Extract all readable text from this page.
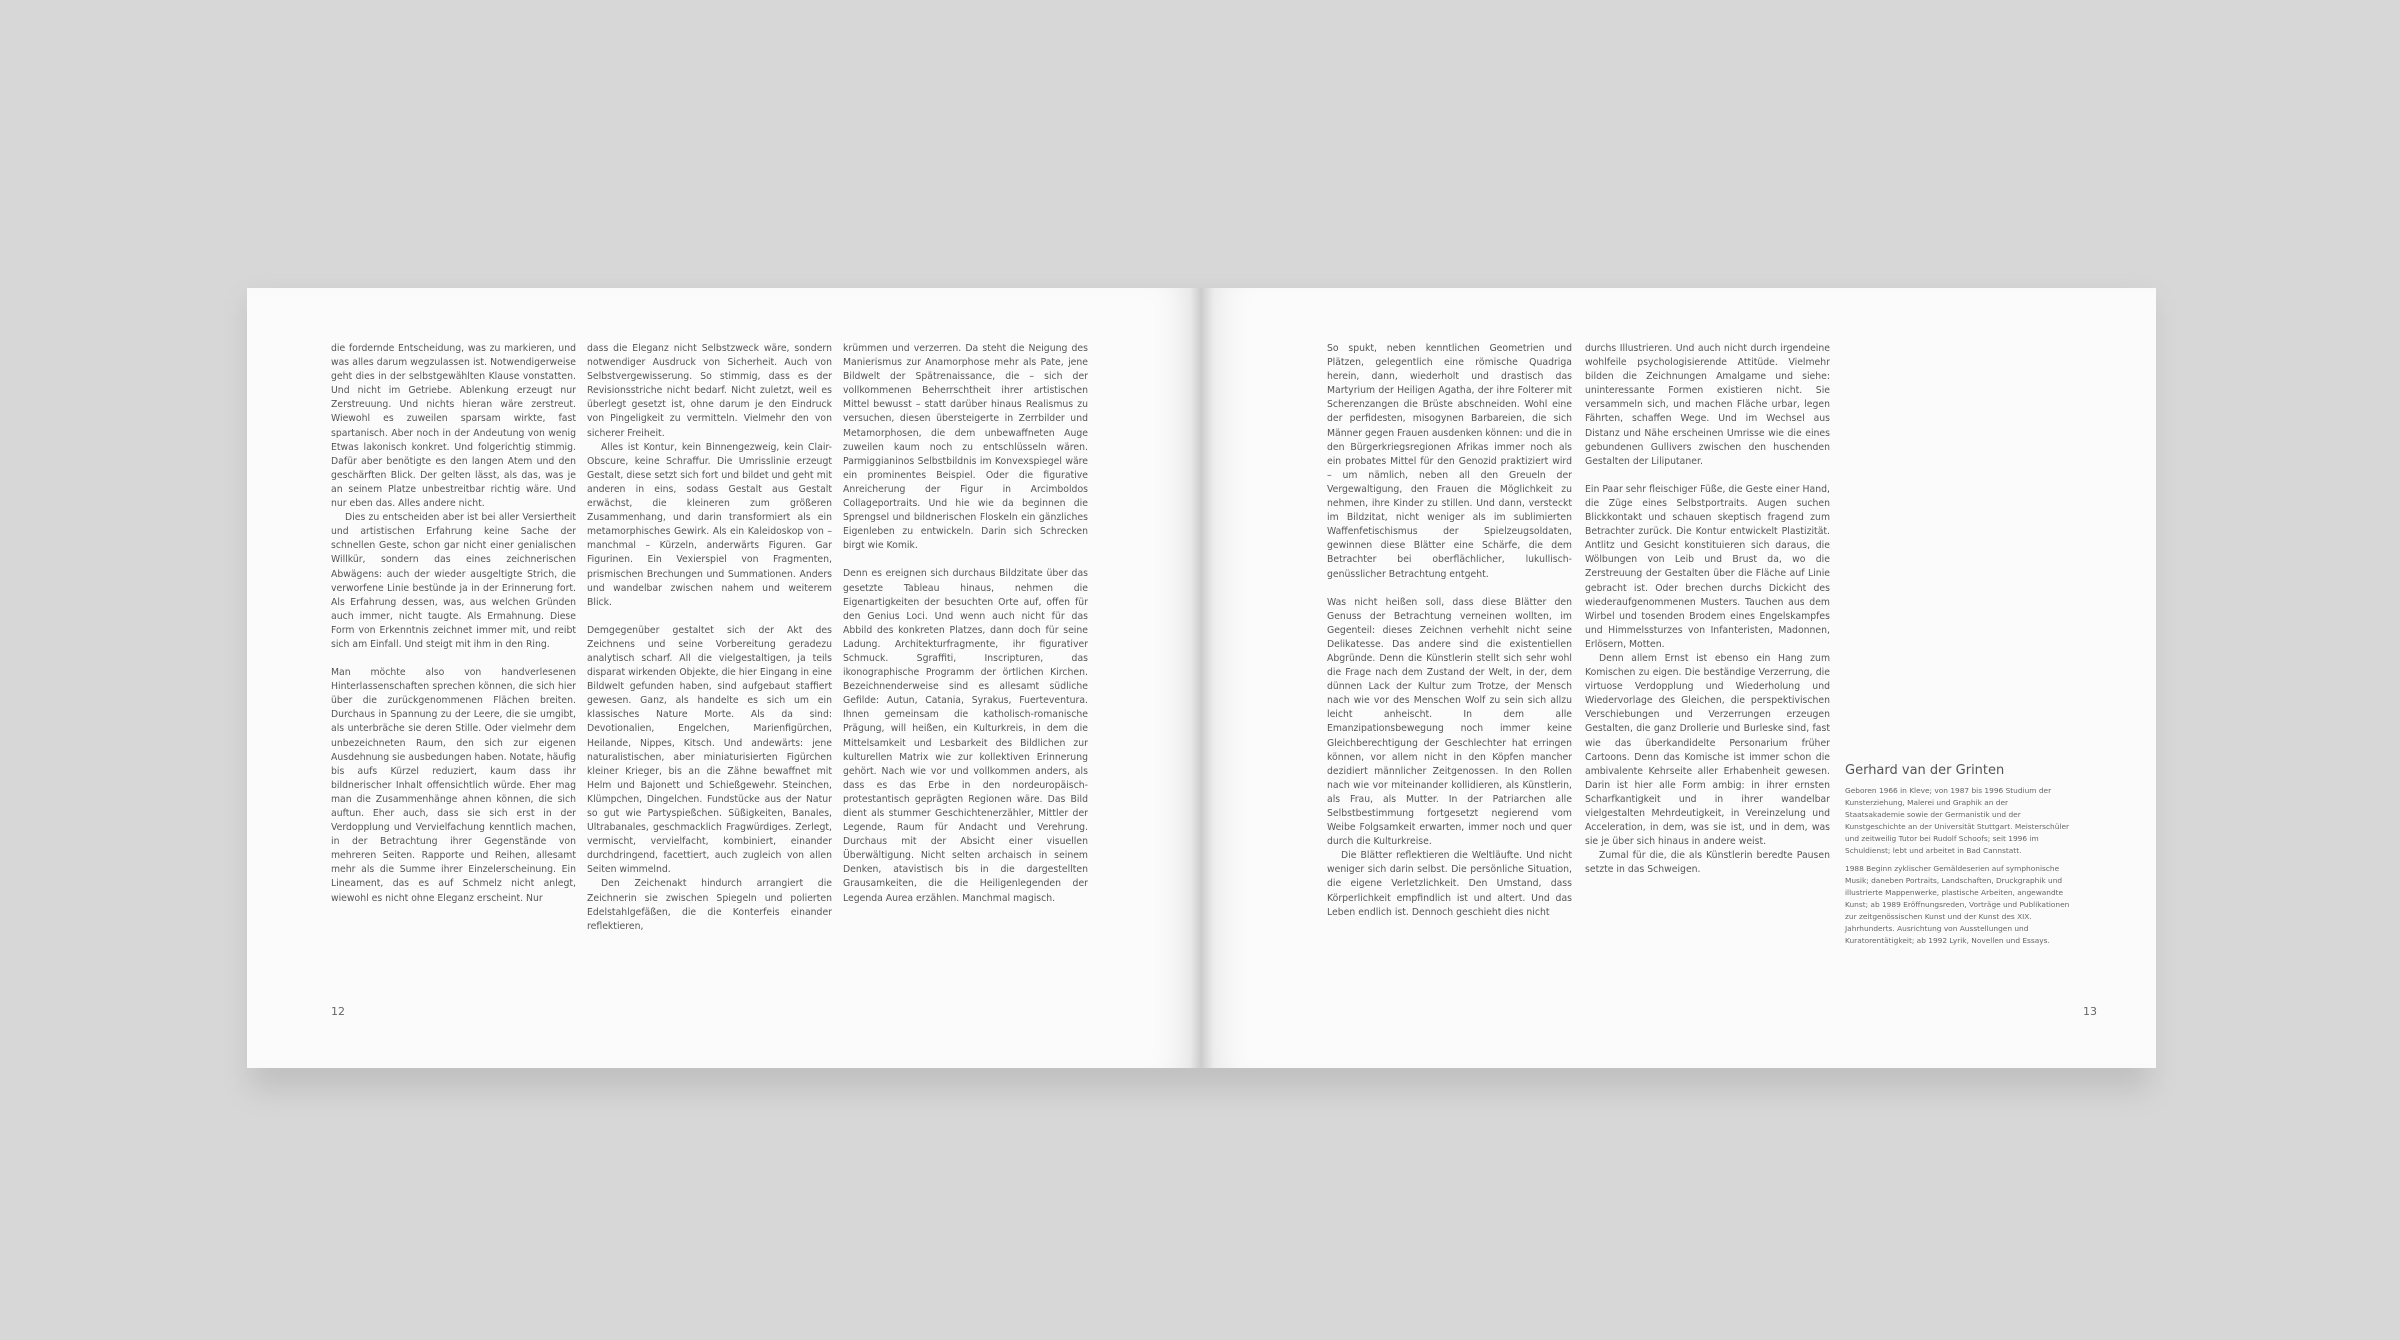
die fordernde Entscheidung, was zu markieren, und was alles darum wegzulassen ist. Notwendigerweise geht dies in der selbstgewählten Klause vonstatten. Und nicht im Getriebe. Ablenkung erzeugt nur Zerstreuung. Und nichts hieran wäre zerstreut. Wiewohl es zuweilen sparsam wirkte, fast spartanisch. Aber noch in der Andeutung von wenig Etwas lakonisch konkret. Und folgerichtig stimmig. Dafür aber benötigte es den langen Atem und den geschärften Blick. Der gelten lässt, als das, was je an seinem Platze unbestreitbar richtig wäre. Und nur eben das. Alles andere nicht.

Dies zu entscheiden aber ist bei aller Versiertheit und artistischen Erfahrung keine Sache der schnellen Geste, schon gar nicht einer genialischen Willkür, sondern das eines zeichnerischen Abwägens: auch der wieder ausgeltigte Strich, die verworfene Linie bestünde ja in der Erinnerung fort. Als Erfahrung dessen, was, aus welchen Gründen auch immer, nicht taugte. Als Ermahnung. Diese Form von Erkenntnis zeichnet immer mit, und reibt sich am Einfall. Und steigt mit ihm in den Ring.

Man möchte also von handverlesenen Hinterlassenschaften sprechen können, die sich hier über die zurückgenommenen Flächen breiten. Durchaus in Spannung zu der Leere, die sie umgibt, als unterbräche sie deren Stille. Oder vielmehr dem unbezeichneten Raum, den sich zur eigenen Ausdehnung sie ausbedungen haben. Notate, häufig bis aufs Kürzel reduziert, kaum dass ihr bildnerischer Inhalt offensichtlich würde. Eher mag man die Zusammenhänge ahnen können, die sich auftun. Eher auch, dass sie sich erst in der Verdopplung und Vervielfachung kenntlich machen, in der Betrachtung ihrer Gegenstände von mehreren Seiten. Rapporte und Reihen, allesamt mehr als die Summe ihrer Einzelerscheinung. Ein Lineament, das es auf Schmelz nicht anlegt, wiewohl es nicht ohne Eleganz erscheint. Nur

dass die Eleganz nicht Selbstzweck wäre, sondern notwendiger Ausdruck von Sicherheit. Auch von Selbstvergewisserung. So stimmig, dass es der Revisionsstriche nicht bedarf. Nicht zuletzt, weil es überlegt gesetzt ist, ohne darum je den Eindruck von Pingeligkeit zu vermitteln. Vielmehr den von sicherer Freiheit.

Alles ist Kontur, kein Binnengezweig, kein Clair-Obscure, keine Schraffur. Die Umrisslinie erzeugt Gestalt, diese setzt sich fort und bildet und geht mit anderen in eins, sodass Gestalt aus Gestalt erwächst, die kleineren zum größeren Zusammenhang, und darin transformiert als ein metamorphisches Gewirk. Als ein Kaleidoskop von – manchmal – Kürzeln, anderwärts Figuren. Gar Figurinen. Ein Vexierspiel von Fragmenten, prismischen Brechungen und Summationen. Anders und wandelbar zwischen nahem und weiterem Blick.

Demgegenüber gestaltet sich der Akt des Zeichnens und seine Vorbereitung geradezu analytisch scharf. All die vielgestaltigen, ja teils disparat wirkenden Objekte, die hier Eingang in eine Bildwelt gefunden haben, sind aufgebaut staffiert gewesen. Ganz, als handelte es sich um ein klassisches Nature Morte. Als da sind: Devotionalien, Engelchen, Marienfigürchen, Heilande, Nippes, Kitsch. Und andewärts: jene naturalistischen, aber miniaturisierten Figürchen kleiner Krieger, bis an die Zähne bewaffnet mit Helm und Bajonett und Schießgewehr. Steinchen, Klümpchen, Dingelchen. Fundstücke aus der Natur so gut wie Partyspießchen. Süßigkeiten, Banales, Ultrabanales, geschmacklich Fragwürdiges. Zerlegt, vermischt, vervielfacht, kombiniert, einander durchdringend, facettiert, auch zugleich von allen Seiten wimmelnd.

Den Zeichenakt hindurch arrangiert die Zeichnerin sie zwischen Spiegeln und polierten Edelstahlgefäßen, die die Konterfeis einander reflektieren,

krümmen und verzerren. Da steht die Neigung des Manierismus zur Anamorphose mehr als Pate, jene Bildwelt der Spätrenaissance, die – sich der vollkommenen Beherrschtheit ihrer artistischen Mittel bewusst – statt darüber hinaus Realismus zu versuchen, diesen übersteigerte in Zerrbilder und Metamorphosen, die dem unbewaffneten Auge zuweilen kaum noch zu entschlüsseln wären. Parmiggianinos Selbstbildnis im Konvexspiegel wäre ein prominentes Beispiel. Oder die figurative Anreicherung der Figur in Arcimboldos Collageportraits. Und hie wie da beginnen die Sprengsel und bildnerischen Floskeln ein gänzliches Eigenleben zu entwickeln. Darin sich Schrecken birgt wie Komik.

Denn es ereignen sich durchaus Bildzitate über das gesetzte Tableau hinaus, nehmen die Eigenartigkeiten der besuchten Orte auf, offen für den Genius Loci. Und wenn auch nicht für das Abbild des konkreten Platzes, dann doch für seine Ladung. Architekturfragmente, ihr figurativer Schmuck. Sgraffiti, Inscripturen, das ikonographische Programm der örtlichen Kirchen. Bezeichnenderweise sind es allesamt südliche Gefilde: Autun, Catania, Syrakus, Fuerteventura. Ihnen gemeinsam die katholisch-romanische Prägung, will heißen, ein Kulturkreis, in dem die Mittelsamkeit und Lesbarkeit des Bildlichen zur kulturellen Matrix wie zur kollektiven Erinnerung gehört. Nach wie vor und vollkommen anders, als dass es das Erbe in den nordeuropäisch-protestantisch geprägten Regionen wäre. Das Bild dient als stummer Geschichtenerzähler, Mittler der Legende, Raum für Andacht und Verehrung. Durchaus mit der Absicht einer visuellen Überwältigung. Nicht selten archaisch in seinem Denken, atavistisch bis in die dargestellten Grausamkeiten, die die Heiligenlegenden der Legenda Aurea erzählen. Manchmal magisch.

12

So spukt, neben kenntlichen Geometrien und Plätzen, gelegentlich eine römische Quadriga herein, dann, wiederholt und drastisch das Martyrium der Heiligen Agatha, der ihre Folterer mit Scherenzangen die Brüste abschneiden. Wohl eine der perfidesten, misogynen Barbareien, die sich Männer gegen Frauen ausdenken können: und die in den Bürgerkriegsregionen Afrikas immer noch als ein probates Mittel für den Genozid praktiziert wird – um nämlich, neben all den Greueln der Vergewaltigung, den Frauen die Möglichkeit zu nehmen, ihre Kinder zu stillen. Und dann, versteckt im Bildzitat, nicht weniger als im sublimierten Waffenfetischismus der Spielzeugsoldaten, gewinnen diese Blätter eine Schärfe, die dem Betrachter bei oberflächlicher, lukullisch-genüsslicher Betrachtung entgeht.

Was nicht heißen soll, dass diese Blätter den Genuss der Betrachtung verneinen wollten, im Gegenteil: dieses Zeichnen verhehlt nicht seine Delikatesse. Das andere sind die existentiellen Abgründe. Denn die Künstlerin stellt sich sehr wohl die Frage nach dem Zustand der Welt, in der, dem dünnen Lack der Kultur zum Trotze, der Mensch nach wie vor des Menschen Wolf zu sein sich allzu leicht anheischt. In dem alle Emanzipationsbewegung noch immer keine Gleichberechtigung der Geschlechter hat erringen können, vor allem nicht in den Köpfen mancher dezidiert männlicher Zeitgenossen. In den Rollen nach wie vor miteinander kollidieren, als Künstlerin, als Frau, als Mutter. In der Patriarchen alle Selbstbestimmung fortgesetzt negierend vom Weibe Folgsamkeit erwarten, immer noch und quer durch die Kulturkreise.

Die Blätter reflektieren die Weltläufte. Und nicht weniger sich darin selbst. Die persönliche Situation, die eigene Verletzlichkeit. Den Umstand, dass Körperlichkeit empfindlich ist und altert. Und das Leben endlich ist. Dennoch geschieht dies nicht

durchs Illustrieren. Und auch nicht durch irgendeine wohlfeile psychologisierende Attitüde. Vielmehr bilden die Zeichnungen Amalgame und siehe: uninteressante Formen existieren nicht. Sie versammeln sich, und machen Fläche urbar, legen Fährten, schaffen Wege. Und im Wechsel aus Distanz und Nähe erscheinen Umrisse wie die eines gebundenen Gullivers zwischen den huschenden Gestalten der Liliputaner.

Ein Paar sehr fleischiger Füße, die Geste einer Hand, die Züge eines Selbstportraits. Augen suchen Blickkontakt und schauen skeptisch fragend zum Betrachter zurück. Die Kontur entwickelt Plastizität. Antlitz und Gesicht konstituieren sich daraus, die Wölbungen von Leib und Brust da, wo die Zerstreuung der Gestalten über die Fläche auf Linie gebracht ist. Oder brechen durchs Dickicht des wiederaufgenommenen Musters. Tauchen aus dem Wirbel und tosenden Brodem eines Engelskampfes und Himmelssturzes von Infanteristen, Madonnen, Erlösern, Motten.

Denn allem Ernst ist ebenso ein Hang zum Komischen zu eigen. Die beständige Verzerrung, die virtuose Verdopplung und Wiederholung und Wiedervorlage des Gleichen, die perspektivischen Verschiebungen und Verzerrungen erzeugen Gestalten, die ganz Drollerie und Burleske sind, fast wie das überkandidelte Personarium früher Cartoons. Denn das Komische ist immer schon die ambivalente Kehrseite aller Erhabenheit gewesen. Darin ist hier alle Form ambig: in ihrer ernsten Scharfkantigkeit und in ihrer wandelbar vielgestalten Mehrdeutigkeit, in Vereinzelung und Acceleration, in dem, was sie ist, und in dem, was sie je über sich hinaus in andere weist.

Zumal für die, die als Künstlerin beredte Pausen setzte in das Schweigen.

Gerhard van der Grinten

Geboren 1966 in Kleve; von 1987 bis 1996 Studium der Kunsterziehung, Malerei und Graphik an der Staatsakademie sowie der Germanistik und der Kunstgeschichte an der Universität Stuttgart. Meisterschüler und zeitweilig Tutor bei Rudolf Schoofs; seit 1996 im Schuldienst; lebt und arbeitet in Bad Cannstatt.

1988 Beginn zyklischer Gemäldeserien auf symphonische Musik; daneben Portraits, Landschaften, Druckgraphik und illustrierte Mappenwerke, plastische Arbeiten, angewandte Kunst; ab 1989 Eröffnungsreden, Vorträge und Publikationen zur zeitgenössischen Kunst und der Kunst des XIX. Jahrhunderts. Ausrichtung von Ausstellungen und Kuratorentätigkeit; ab 1992 Lyrik, Novellen und Essays.

13
